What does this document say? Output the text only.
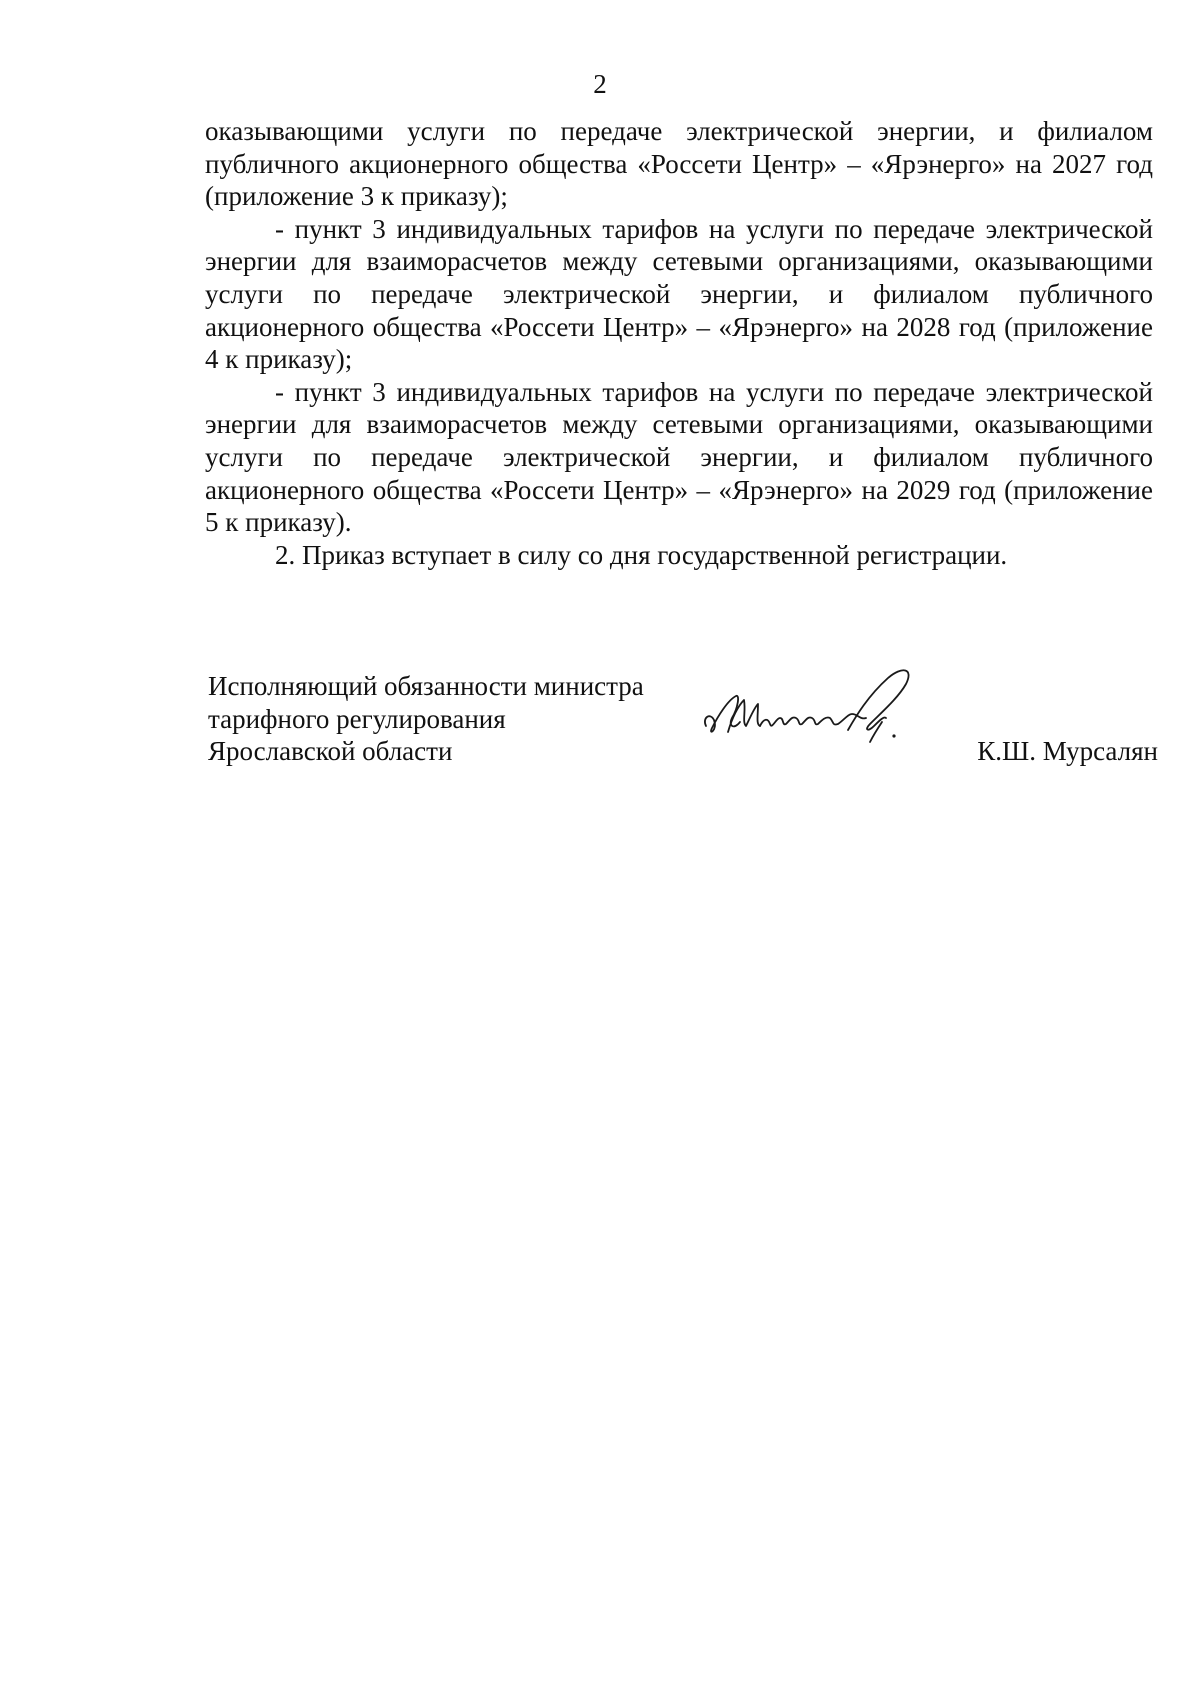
2

оказывающими услуги по передаче электрической энергии, и филиалом публичного акционерного общества «Россети Центр» – «Ярэнерго» на 2027 год (приложение 3 к приказу);

- пункт 3 индивидуальных тарифов на услуги по передаче электрической энергии для взаиморасчетов между сетевыми организациями, оказывающими услуги по передаче электрической энергии, и филиалом публичного акционерного общества «Россети Центр» – «Ярэнерго» на 2028 год (приложение 4 к приказу);

- пункт 3 индивидуальных тарифов на услуги по передаче электрической энергии для взаиморасчетов между сетевыми организациями, оказывающими услуги по передаче электрической энергии, и филиалом публичного акционерного общества «Россети Центр» – «Ярэнерго» на 2029 год (приложение 5 к приказу).

2. Приказ вступает в силу со дня государственной регистрации.

Исполняющий обязанности министра
тарифного регулирования
Ярославской области	К.Ш. Мурсалян
